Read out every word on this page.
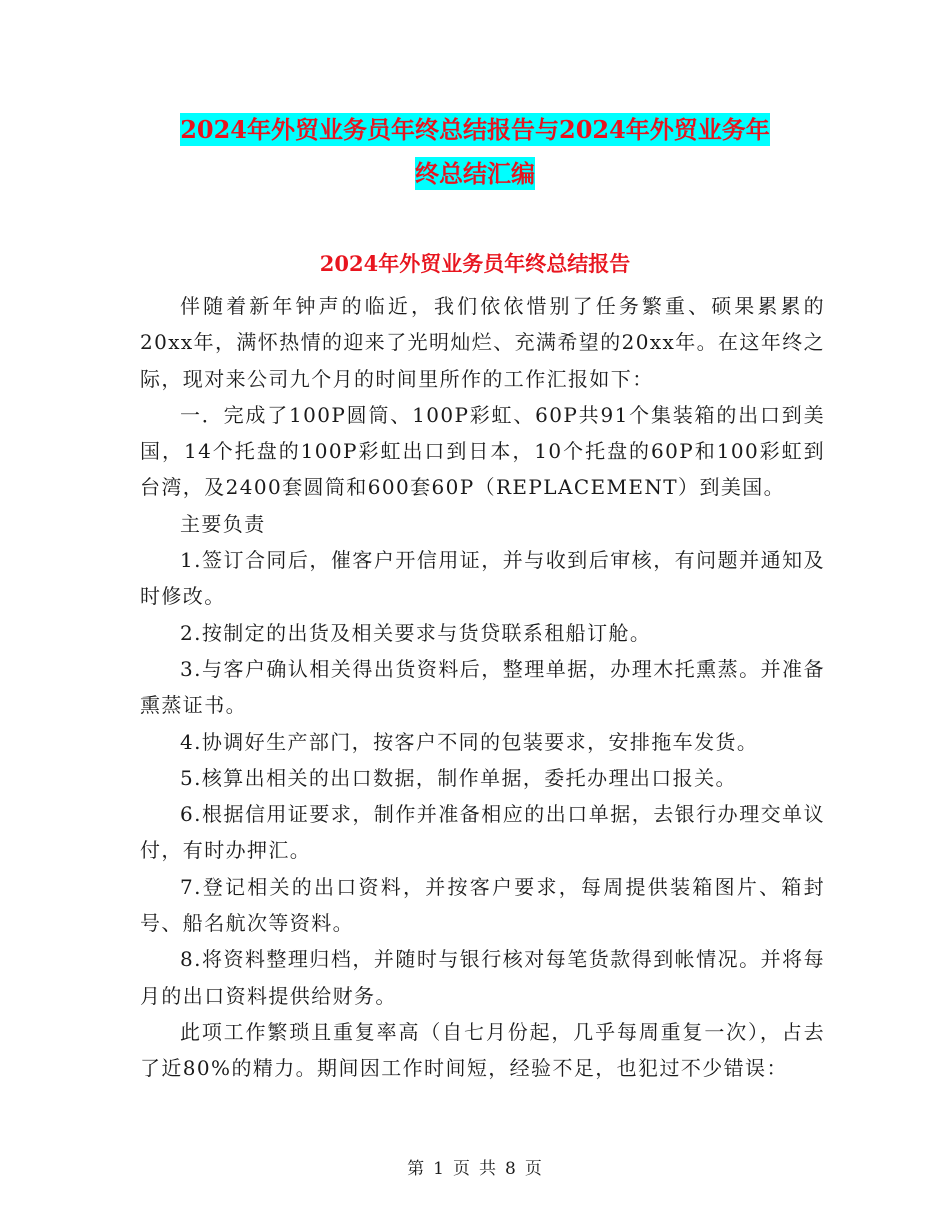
2024年外贸业务员年终总结报告与2024年外贸业务年
终总结汇编
2024年外贸业务员年终总结报告

伴随着新年钟声的临近，我们依依惜别了任务繁重、硕果累累的20xx年，满怀热情的迎来了光明灿烂、充满希望的20xx年。在这年终之际，现对来公司九个月的时间里所作的工作汇报如下：

一．完成了100P圆筒、100P彩虹、60P共91个集装箱的出口到美国，14个托盘的100P彩虹出口到日本，10个托盘的60P和100彩虹到台湾，及2400套圆筒和600套60P（REPLACEMENT）到美国。

主要负责

1.签订合同后，催客户开信用证，并与收到后审核，有问题并通知及时修改。

2.按制定的出货及相关要求与货贷联系租船订舱。

3.与客户确认相关得出货资料后，整理单据，办理木托熏蒸。并准备熏蒸证书。

4.协调好生产部门，按客户不同的包装要求，安排拖车发货。

5.核算出相关的出口数据，制作单据，委托办理出口报关。

6.根据信用证要求，制作并准备相应的出口单据，去银行办理交单议付，有时办押汇。

7.登记相关的出口资料，并按客户要求，每周提供装箱图片、箱封号、船名航次等资料。

8.将资料整理归档，并随时与银行核对每笔货款得到帐情况。并将每月的出口资料提供给财务。

此项工作繁琐且重复率高（自七月份起，几乎每周重复一次），占去了近80%的精力。期间因工作时间短，经验不足，也犯过不少错误：

第 1 页 共 8 页
